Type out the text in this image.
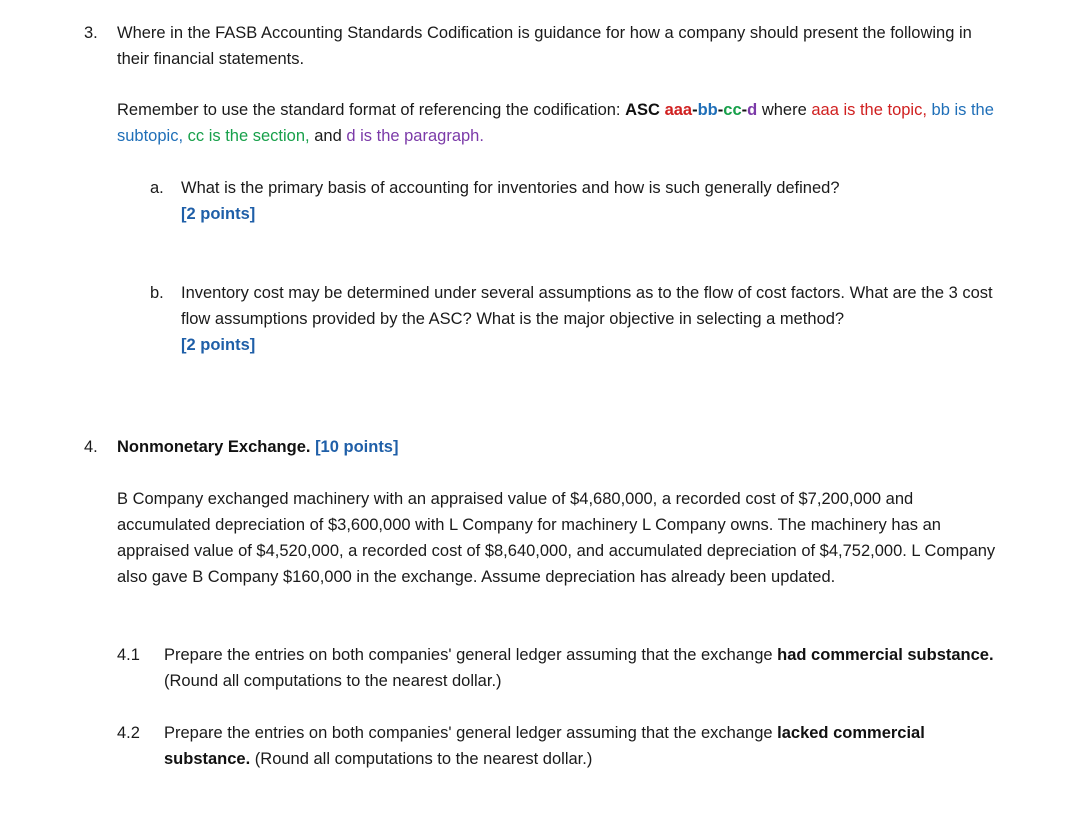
3.	Where in the FASB Accounting Standards Codification is guidance for how a company should present the following in their financial statements.

Remember to use the standard format of referencing the codification: ASC aaa-bb-cc-d where aaa is the topic, bb is the subtopic, cc is the section, and d is the paragraph.

a. What is the primary basis of accounting for inventories and how is such generally defined?

[2 points]

b. Inventory cost may be determined under several assumptions as to the flow of cost factors. What are the 3 cost flow assumptions provided by the ASC? What is the major objective in selecting a method?

[2 points]

4.	Nonmonetary Exchange. [10 points]

B Company exchanged machinery with an appraised value of $4,680,000, a recorded cost of $7,200,000 and accumulated depreciation of $3,600,000 with L Company for machinery L Company owns. The machinery has an appraised value of $4,520,000, a recorded cost of $8,640,000, and accumulated depreciation of $4,752,000. L Company also gave B Company $160,000 in the exchange. Assume depreciation has already been updated.

4.1 Prepare the entries on both companies' general ledger assuming that the exchange had commercial substance. (Round all computations to the nearest dollar.)

4.2 Prepare the entries on both companies' general ledger assuming that the exchange lacked commercial substance. (Round all computations to the nearest dollar.)
